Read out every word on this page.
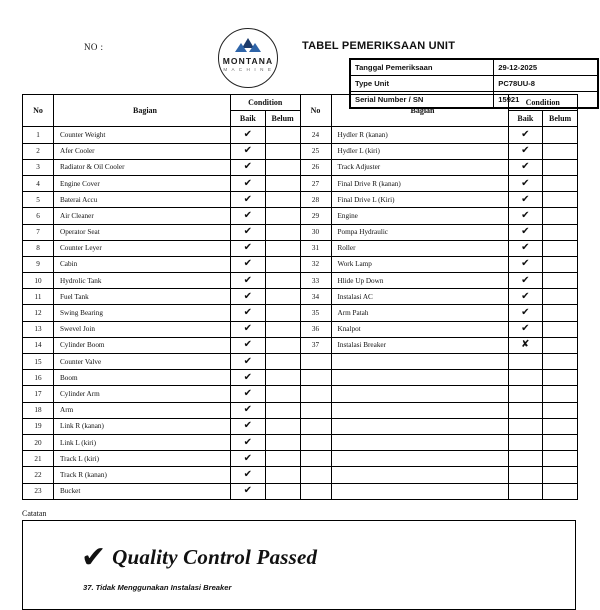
NO :
MONTANA
M A C H I N E
TABEL PEMERIKSAAN UNIT
Tanggal Pemeriksaan	29-12-2025
Type Unit	PC78UU-8
Serial Number / SN	15921
No	Bagian	Condition		No	Bagian	Condition	
		Baik	Belum			Baik	Belum
1	Counter Weight	✔		24	Hydler R (kanan)	✔	
2	Afer Cooler	✔		25	Hydler L (kiri)	✔	
3	Radiator & Oil Cooler	✔		26	Track Adjuster	✔	
4	Engine Cover	✔		27	Final Drive R (kanan)	✔	
5	Baterai Accu	✔		28	Final Drive L (Kiri)	✔	
6	Air Cleaner	✔		29	Engine	✔	
7	Operator Seat	✔		30	Pompa Hydraulic	✔	
8	Counter Leyer	✔		31	Roller	✔	
9	Cabin	✔		32	Work Lamp	✔	
10	Hydrolic Tank	✔		33	Hlide Up Down	✔	
11	Fuel Tank	✔		34	Instalasi AC	✔	
12	Swing Bearing	✔		35	Arm Patah	✔	
13	Swevel Join	✔		36	Knalpot	✔	
14	Cylinder Boom	✔		37	Instalasi Breaker	✘	
15	Counter Valve	✔					
16	Boom	✔					
17	Cylinder Arm	✔					
18	Arm	✔					
19	Link R (kanan)	✔					
20	Link L (kiri)	✔					
21	Track L (kiri)	✔					
22	Track R (kanan)	✔					
23	Bucket	✔					
Catatan
✔ Quality Control Passed
37. Tidak Menggunakan Instalasi Breaker
